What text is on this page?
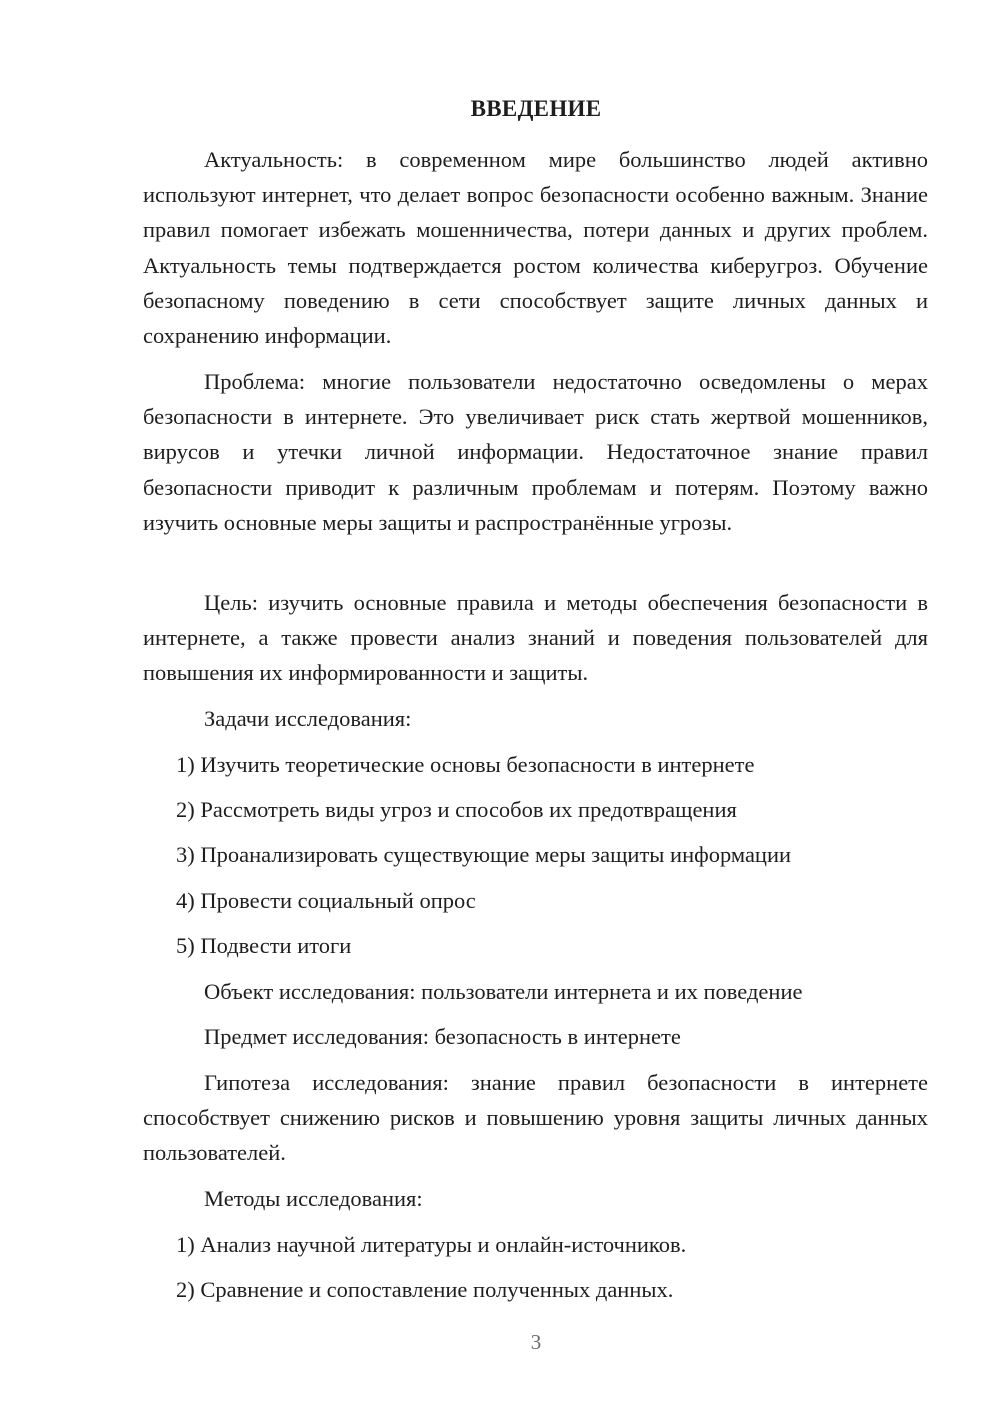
ВВЕДЕНИЕ

Актуальность: в современном мире большинство людей активно используют интернет, что делает вопрос безопасности особенно важным. Знание правил помогает избежать мошенничества, потери данных и других проблем. Актуальность темы подтверждается ростом количества киберугроз. Обучение безопасному поведению в сети способствует защите личных данных и сохранению информации.

Проблема: многие пользователи недостаточно осведомлены о мерах безопасности в интернете. Это увеличивает риск стать жертвой мошенников, вирусов и утечки личной информации. Недостаточное знание правил безопасности приводит к различным проблемам и потерям. Поэтому важно изучить основные меры защиты и распространённые угрозы.

Цель: изучить основные правила и методы обеспечения безопасности в интернете, а также провести анализ знаний и поведения пользователей для повышения их информированности и защиты.

Задачи исследования:

1) Изучить теоретические основы безопасности в интернете

2) Рассмотреть виды угроз и способов их предотвращения

3) Проанализировать существующие меры защиты информации

4) Провести социальный опрос

5) Подвести итоги

Объект исследования: пользователи интернета и их поведение

Предмет исследования: безопасность в интернете

Гипотеза исследования: знание правил безопасности в интернете способствует снижению рисков и повышению уровня защиты личных данных пользователей.

Методы исследования:

1) Анализ научной литературы и онлайн-источников.

2) Сравнение и сопоставление полученных данных.

3
